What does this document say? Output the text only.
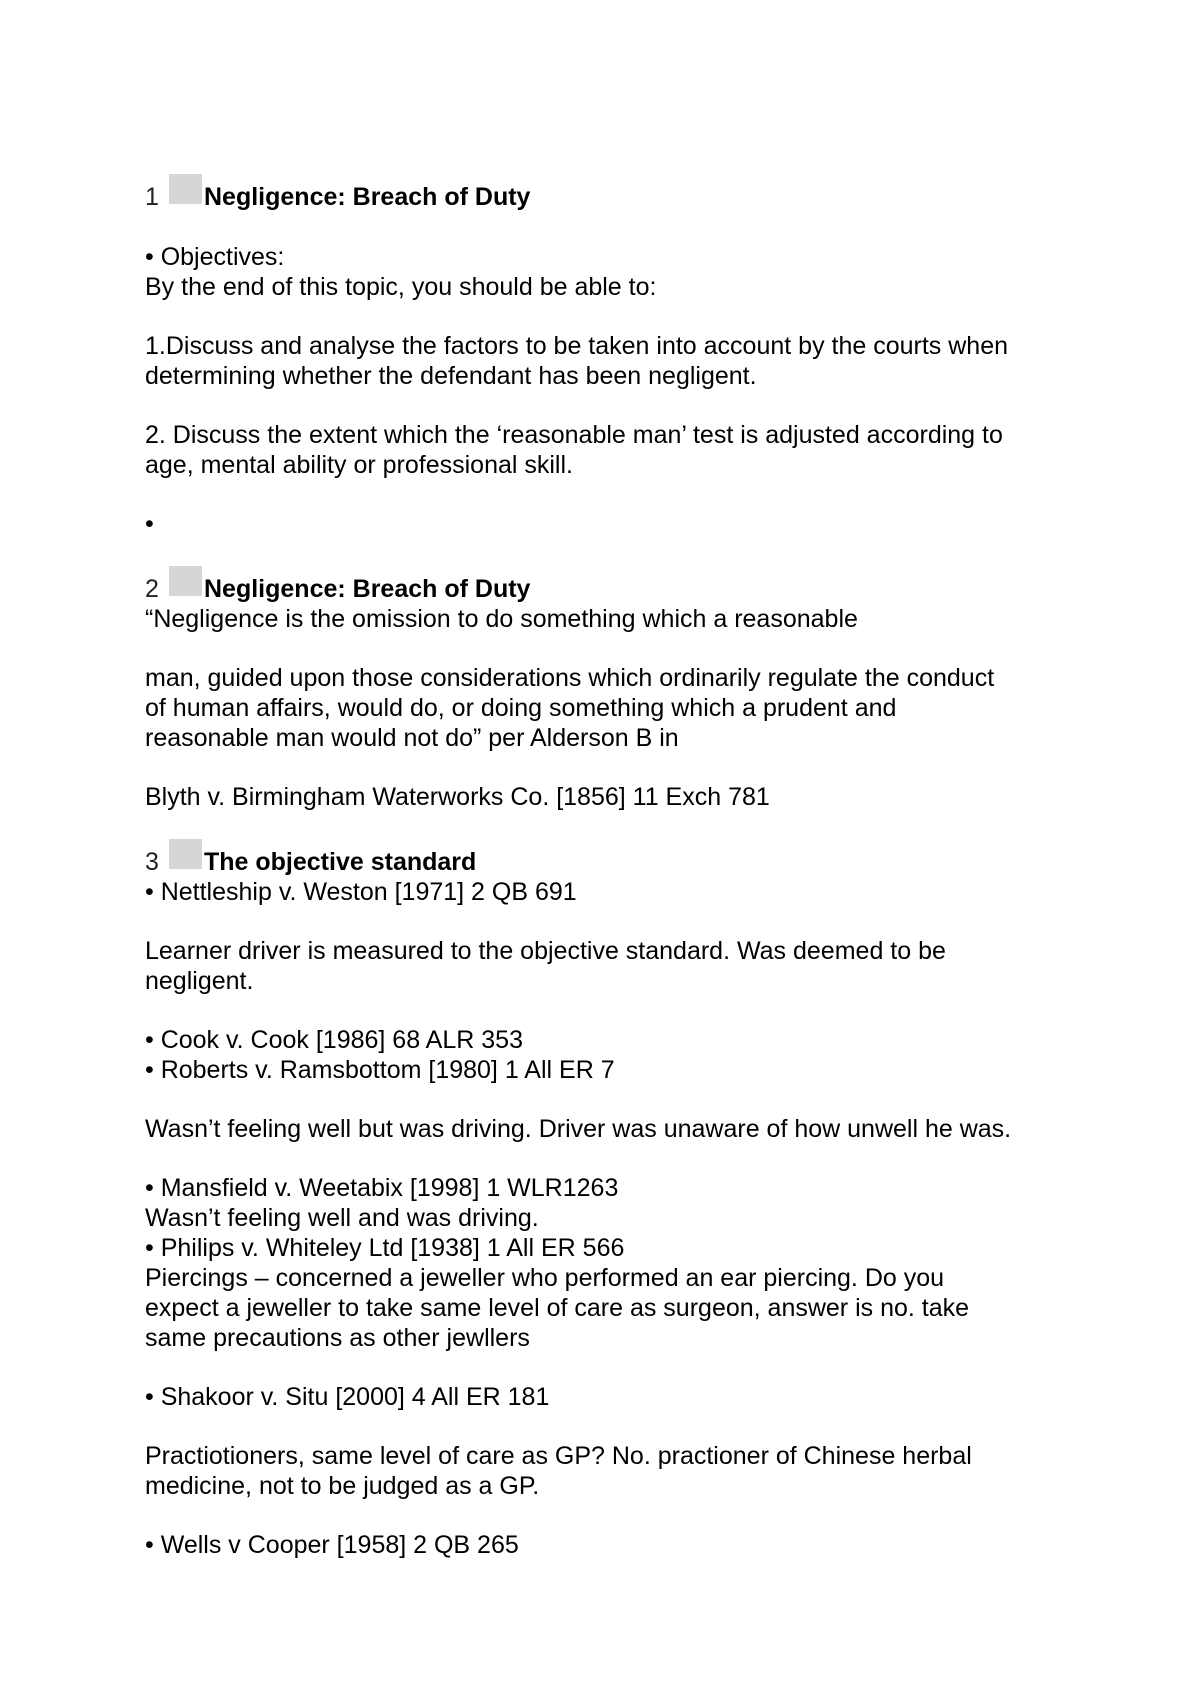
1	Negligence: Breach of Duty

• Objectives:

By the end of this topic, you should be able to:

1.Discuss and analyse the factors to be taken into account by the courts when

determining whether the defendant has been negligent.

2. Discuss the extent which the ‘reasonable man’ test is adjusted according to

age, mental ability or professional skill.

•

2	Negligence: Breach of Duty

“Negligence is the omission to do something which a reasonable

man, guided upon those considerations which ordinarily regulate the conduct

of human affairs, would do, or doing something which a prudent and

reasonable man would not do” per Alderson B in

Blyth v. Birmingham Waterworks Co. [1856] 11 Exch 781

3	The objective standard

• Nettleship v. Weston [1971] 2 QB 691

Learner driver is measured to the objective standard. Was deemed to be

negligent.

• Cook v. Cook [1986] 68 ALR 353

• Roberts v. Ramsbottom [1980] 1 All ER 7

Wasn’t feeling well but was driving. Driver was unaware of how unwell he was.

• Mansfield v. Weetabix [1998] 1 WLR1263

Wasn’t feeling well and was driving.

• Philips v. Whiteley Ltd [1938] 1 All ER 566

Piercings – concerned a jeweller who performed an ear piercing. Do you

expect a jeweller to take same level of care as surgeon, answer is no. take

same precautions as other jewllers

• Shakoor v. Situ [2000] 4 All ER 181

Practiotioners, same level of care as GP? No. practioner of Chinese herbal

medicine, not to be judged as a GP.

• Wells v Cooper [1958] 2 QB 265
